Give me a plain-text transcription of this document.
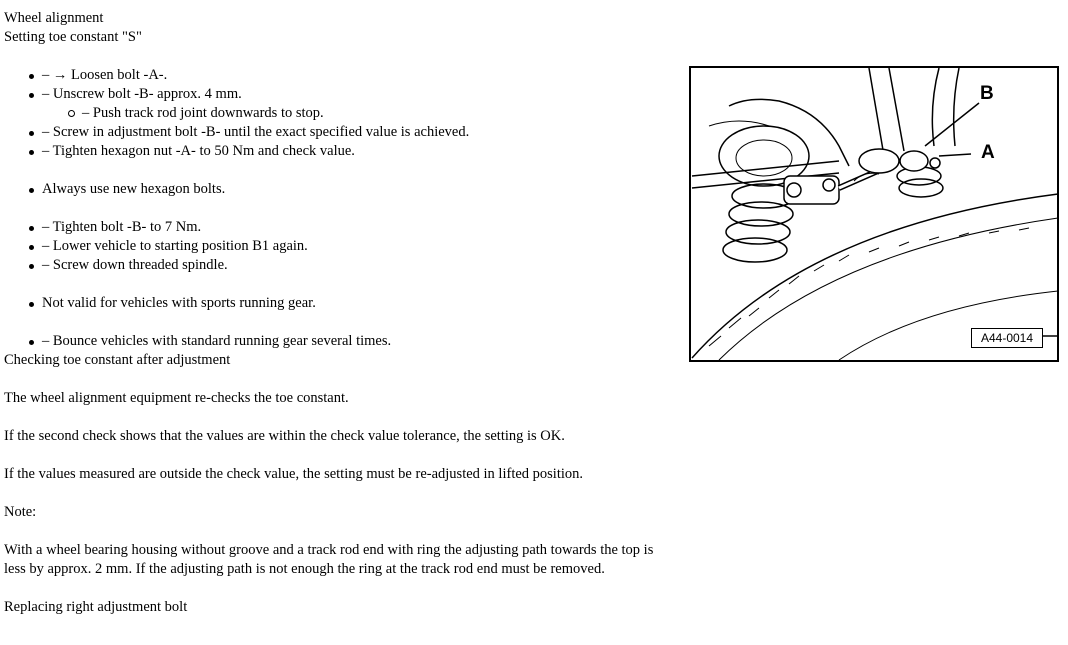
Wheel alignment
Setting toe constant "S"
– → Loosen bolt -A-.
– Unscrew bolt -B- approx. 4 mm.
– Push track rod joint downwards to stop.
– Screw in adjustment bolt -B- until the exact specified value is achieved.
– Tighten hexagon nut -A- to 50 Nm and check value.
Always use new hexagon bolts.
– Tighten bolt -B- to 7 Nm.
– Lower vehicle to starting position B1 again.
– Screw down threaded spindle.
Not valid for vehicles with sports running gear.
– Bounce vehicles with standard running gear several times.
Checking toe constant after adjustment
The wheel alignment equipment re-checks the toe constant.
If the second check shows that the values are within the check value tolerance, the setting is OK.
If the values measured are outside the check value, the setting must be re-adjusted in lifted position.
Note:
With a wheel bearing housing without groove and a track rod end with ring the adjusting path towards the top is less by approx. 2 mm. If the adjusting path is not enough the ring at the track rod end must be removed.
Replacing right adjustment bolt
B
A
A44-0014
